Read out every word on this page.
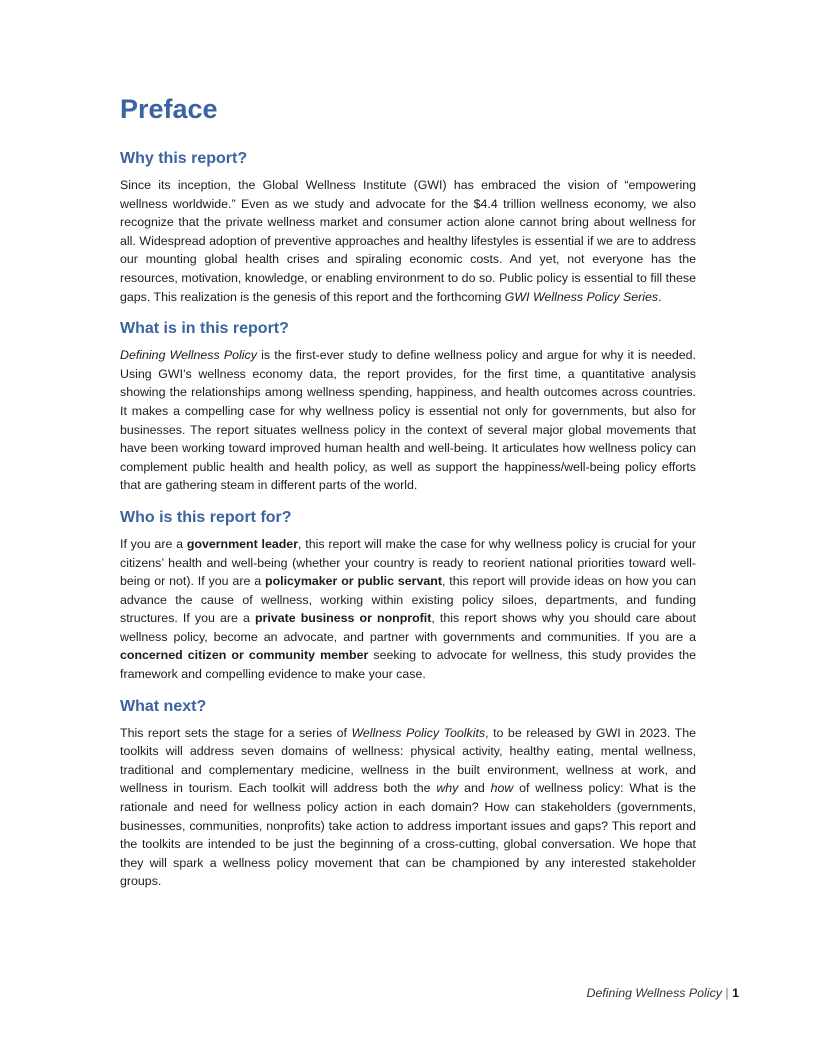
Preface
Why this report?

Since its inception, the Global Wellness Institute (GWI) has embraced the vision of “empowering wellness worldwide.” Even as we study and advocate for the $4.4 trillion wellness economy, we also recognize that the private wellness market and consumer action alone cannot bring about wellness for all. Widespread adoption of preventive approaches and healthy lifestyles is essential if we are to address our mounting global health crises and spiraling economic costs. And yet, not everyone has the resources, motivation, knowledge, or enabling environment to do so. Public policy is essential to fill these gaps. This realization is the genesis of this report and the forthcoming GWI Wellness Policy Series.

What is in this report?

Defining Wellness Policy is the first-ever study to define wellness policy and argue for why it is needed. Using GWI’s wellness economy data, the report provides, for the first time, a quantitative analysis showing the relationships among wellness spending, happiness, and health outcomes across countries. It makes a compelling case for why wellness policy is essential not only for governments, but also for businesses. The report situates wellness policy in the context of several major global movements that have been working toward improved human health and well-being. It articulates how wellness policy can complement public health and health policy, as well as support the happiness/well-being policy efforts that are gathering steam in different parts of the world.

Who is this report for?

If you are a government leader, this report will make the case for why wellness policy is crucial for your citizens’ health and well-being (whether your country is ready to reorient national priorities toward well-being or not). If you are a policymaker or public servant, this report will provide ideas on how you can advance the cause of wellness, working within existing policy siloes, departments, and funding structures. If you are a private business or nonprofit, this report shows why you should care about wellness policy, become an advocate, and partner with governments and communities. If you are a concerned citizen or community member seeking to advocate for wellness, this study provides the framework and compelling evidence to make your case.

What next?

This report sets the stage for a series of Wellness Policy Toolkits, to be released by GWI in 2023. The toolkits will address seven domains of wellness: physical activity, healthy eating, mental wellness, traditional and complementary medicine, wellness in the built environment, wellness at work, and wellness in tourism. Each toolkit will address both the why and how of wellness policy: What is the rationale and need for wellness policy action in each domain? How can stakeholders (governments, businesses, communities, nonprofits) take action to address important issues and gaps? This report and the toolkits are intended to be just the beginning of a cross-cutting, global conversation. We hope that they will spark a wellness policy movement that can be championed by any interested stakeholder groups.

Defining Wellness Policy | 1
